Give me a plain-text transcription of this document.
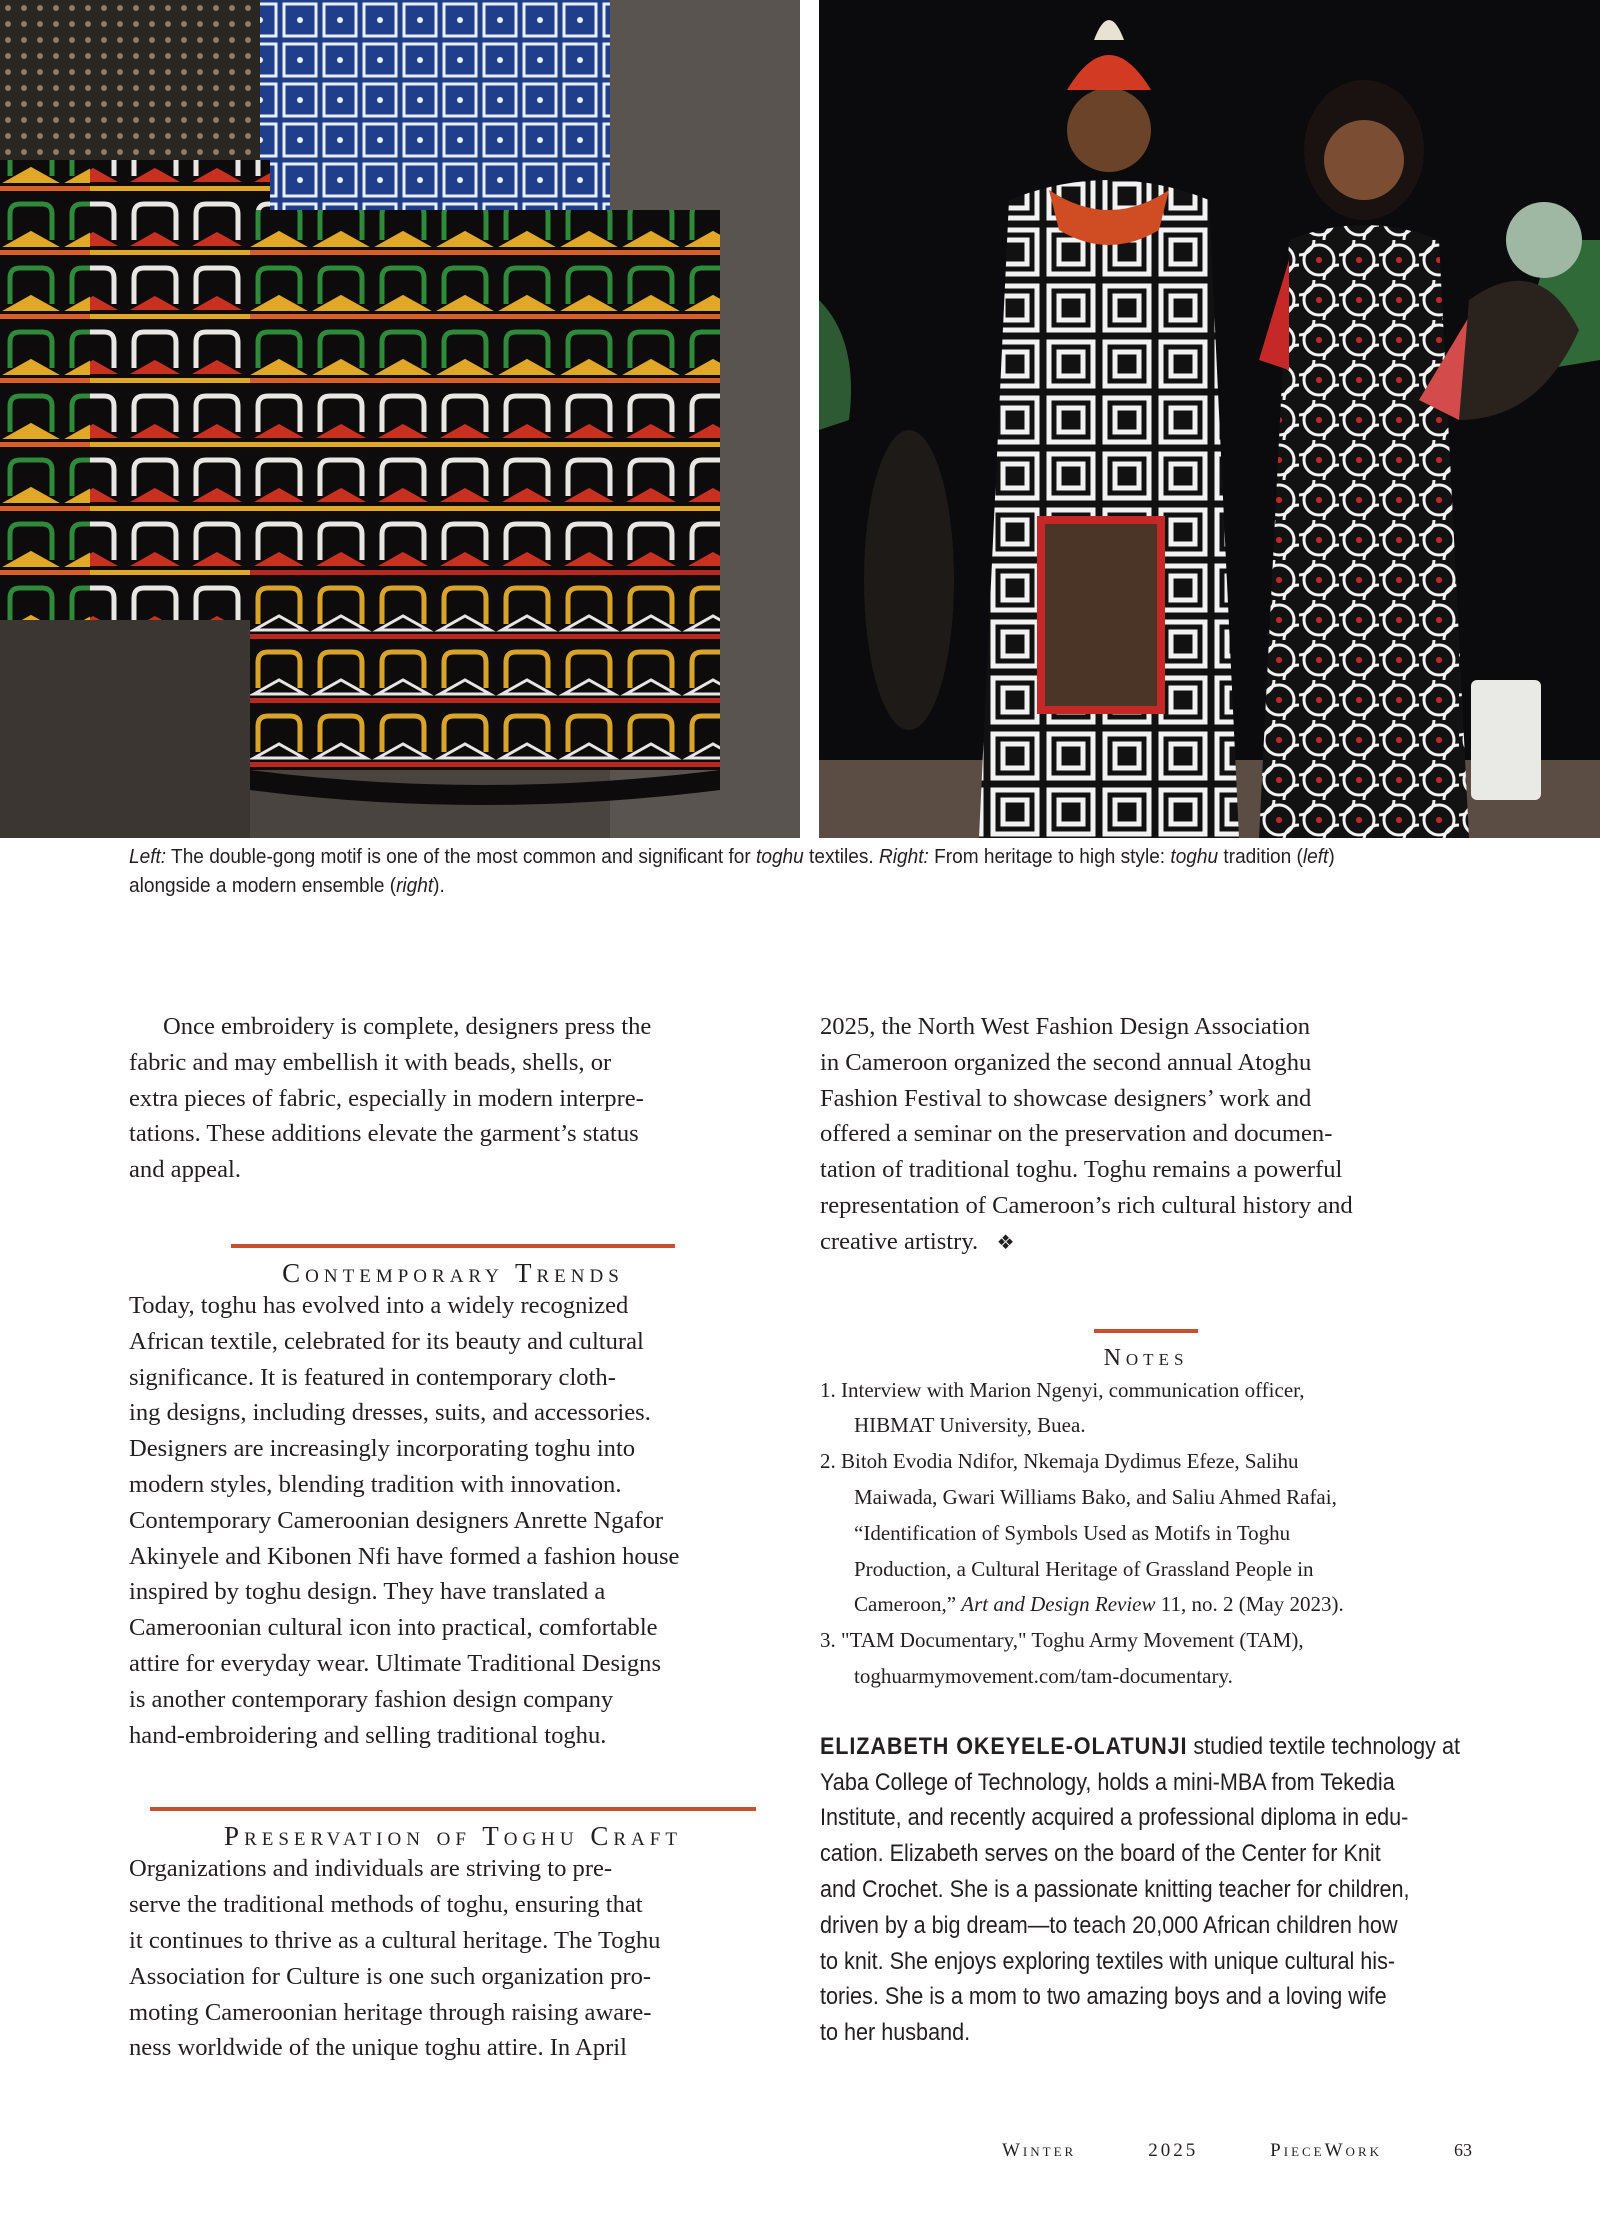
Left: The double-gong motif is one of the most common and significant for toghu textiles. Right: From heritage to high style: toghu tradition (left) alongside a modern ensemble (right).

Once embroidery is complete, designers press the
fabric and may embellish it with beads, shells, or
extra pieces of fabric, especially in modern interpre-
tations. These additions elevate the garment’s status
and appeal.

Contemporary Trends

Today, toghu has evolved into a widely recognized
African textile, celebrated for its beauty and cultural
significance. It is featured in contemporary cloth-
ing designs, including dresses, suits, and accessories.
Designers are increasingly incorporating toghu into
modern styles, blending tradition with innovation.
Contemporary Cameroonian designers Anrette Ngafor
Akinyele and Kibonen Nfi have formed a fashion house
inspired by toghu design. They have translated a
Cameroonian cultural icon into practical, comfortable
attire for everyday wear. Ultimate Traditional Designs
is another contemporary fashion design company
hand-embroidering and selling traditional toghu.

Preservation of Toghu Craft

Organizations and individuals are striving to pre-
serve the traditional methods of toghu, ensuring that
it continues to thrive as a cultural heritage. The Toghu
Association for Culture is one such organization pro-
moting Cameroonian heritage through raising aware-
ness worldwide of the unique toghu attire. In April

2025, the North West Fashion Design Association
in Cameroon organized the second annual Atoghu
Fashion Festival to showcase designers’ work and
offered a seminar on the preservation and documen-
tation of traditional toghu. Toghu remains a powerful
representation of Cameroon’s rich cultural history and
creative artistry. ❖

Notes
1. Interview with Marion Ngenyi, communication officer,
HIBMAT University, Buea.
2. Bitoh Evodia Ndifor, Nkemaja Dydimus Efeze, Salihu
Maiwada, Gwari Williams Bako, and Saliu Ahmed Rafai,
“Identification of Symbols Used as Motifs in Toghu
Production, a Cultural Heritage of Grassland People in
Cameroon,” Art and Design Review 11, no. 2 (May 2023).
3. "TAM Documentary," Toghu Army Movement (TAM),
toghuarmymovement.com/tam-documentary.
ELIZABETH OKEYELE-OLATUNJI studied textile technology at
Yaba College of Technology, holds a mini-MBA from Tekedia
Institute, and recently acquired a professional diploma in edu-
cation. Elizabeth serves on the board of the Center for Knit
and Crochet. She is a passionate knitting teacher for children,
driven by a big dream—to teach 20,000 African children how
to knit. She enjoys exploring textiles with unique cultural his-
tories. She is a mom to two amazing boys and a loving wife
to her husband.
Winter	2025	PieceWork	63
